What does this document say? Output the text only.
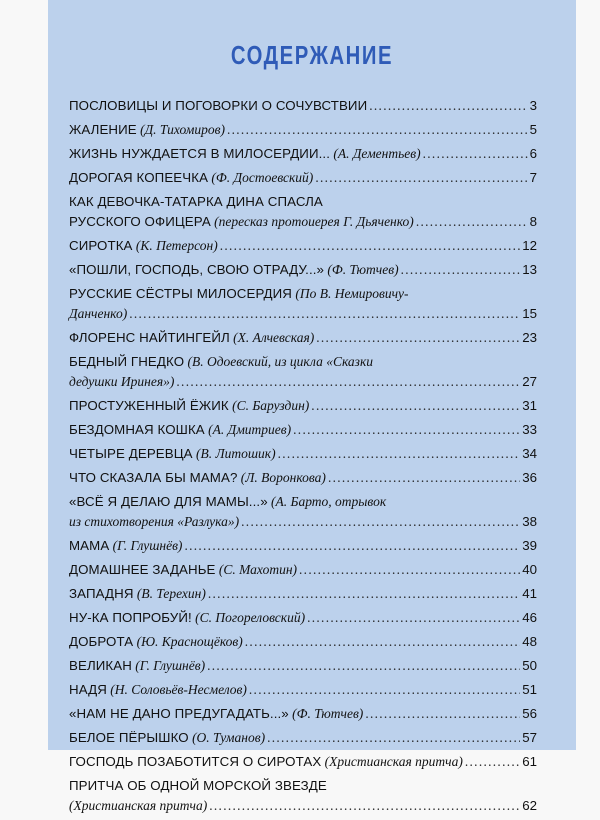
СОДЕРЖАНИЕ
ПОСЛОВИЦЫ И ПОГОВОРКИ О СОЧУВСТВИИ . . .	3
ЖАЛЕНИЕ (Д. Тихомиров) . . .	5
ЖИЗНЬ НУЖДАЕТСЯ В МИЛОСЕРДИИ... (А. Дементьев) . . .	6
ДОРОГАЯ КОПЕЕЧКА (Ф. Достоевский) . . .	7
КАК ДЕВОЧКА-ТАТАРКА ДИНА СПАСЛА
РУССКОГО ОФИЦЕРА (пересказ протоиерея Г. Дьяченко) . . .	8
СИРОТКА (К. Петерсон) . . .	12
«ПОШЛИ, ГОСПОДЬ, СВОЮ ОТРАДУ...» (Ф. Тютчев) . . .	13
РУССКИЕ СЁСТРЫ МИЛОСЕРДИЯ (По В. Немировичу-
Данченко) . . .	15
ФЛОРЕНС НАЙТИНГЕЙЛ (Х. Алчевская) . . .	23
БЕДНЫЙ ГНЕДКО (В. Одоевский, из цикла «Сказки
дедушки Иринея») . . .	27
ПРОСТУЖЕННЫЙ ЁЖИК (С. Баруздин) . . .	31
БЕЗДОМНАЯ КОШКА (А. Дмитриев) . . .	33
ЧЕТЫРЕ ДЕРЕВЦА (В. Литошик) . . .	34
ЧТО СКАЗАЛА БЫ МАМА? (Л. Воронкова) . . .	36
«ВСЁ Я ДЕЛАЮ ДЛЯ МАМЫ...» (А. Барто, отрывок
из стихотворения «Разлука») . . .	38
МАМА (Г. Глушнёв) . . .	39
ДОМАШНЕЕ ЗАДАНЬЕ (С. Махотин) . . .	40
ЗАПАДНЯ (В. Терехин) . . .	41
НУ-КА ПОПРОБУЙ! (С. Погореловский) . . .	46
ДОБРОТА (Ю. Краснощёков) . . .	48
ВЕЛИКАН (Г. Глушнёв) . . .	50
НАДЯ (Н. Соловьёв-Несмелов) . . .	51
«НАМ НЕ ДАНО ПРЕДУГАДАТЬ...» (Ф. Тютчев) . . .	56
БЕЛОЕ ПЁРЫШКО (О. Туманов) . . .	57
ГОСПОДЬ ПОЗАБОТИТСЯ О СИРОТАХ (Христианская притча) . . .	61
ПРИТЧА ОБ ОДНОЙ МОРСКОЙ ЗВЕЗДЕ
(Христианская притча) . . .	62
